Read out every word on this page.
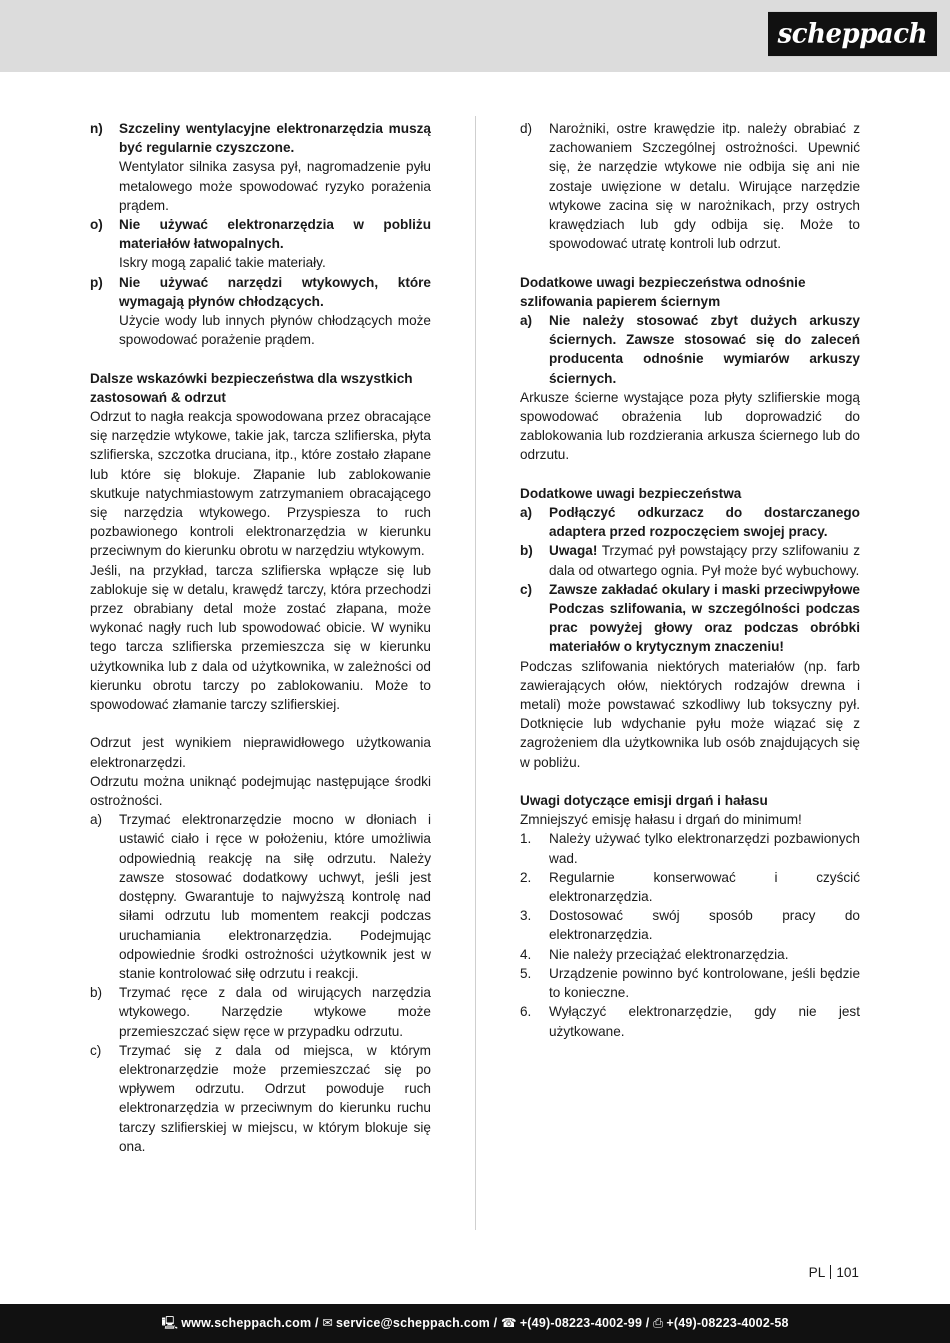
scheppach
n)	Szczeliny wentylacyjne elektronarzędzia muszą być regularnie czyszczone.

Wentylator silnika zasysa pył, nagromadzenie pyłu metalowego może spowodować ryzyko porażenia prądem.

o)	Nie używać elektronarzędzia w pobliżu materiałów łatwopalnych.

Iskry mogą zapalić takie materiały.

p)	Nie używać narzędzi wtykowych, które wymagają płynów chłodzących.

Użycie wody lub innych płynów chłodzących może spowodować porażenie prądem.

Dalsze wskazówki bezpieczeństwa dla wszystkich zastosowań & odrzut

Odrzut to nagła reakcja spowodowana przez obracające się narzędzie wtykowe, takie jak, tarcza szlifierska, płyta szlifierska, szczotka druciana, itp., które zostało złapane lub które się blokuje. Złapanie lub zablokowanie skutkuje natychmiastowym zatrzymaniem obracającego się narzędzia wtykowego. Przyspiesza to ruch pozbawionego kontroli elektronarzędzia w kierunku przeciwnym do kierunku obrotu w narzędziu wtykowym.

Jeśli, na przykład, tarcza szlifierska wpłącze się lub zablokuje się w detalu, krawędź tarczy, która przechodzi przez obrabiany detal może zostać złapana, może wykonać nagły ruch lub spowodować obicie. W wyniku tego tarcza szlifierska przemieszcza się w kierunku użytkownika lub z dala od użytkownika, w zależności od kierunku obrotu tarczy po zablokowaniu. Może to spowodować złamanie tarczy szlifierskiej.

Odrzut jest wynikiem nieprawidłowego użytkowania elektronarzędzi.

Odrzutu można uniknąć podejmując następujące środki ostrożności.

a)	Trzymać elektronarzędzie mocno w dłoniach i ustawić ciało i ręce w położeniu, które umożliwia odpowiednią reakcję na siłę odrzutu. Należy zawsze stosować dodatkowy uchwyt, jeśli jest dostępny. Gwarantuje to najwyższą kontrolę nad siłami odrzutu lub momentem reakcji podczas uruchamiania elektronarzędzia. Podejmując odpowiednie środki ostrożności użytkownik jest w stanie kontrolować siłę odrzutu i reakcji.

b)	Trzymać ręce z dala od wirujących narzędzia wtykowego. Narzędzie wtykowe może przemieszczać sięw ręce w przypadku odrzutu.

c)	Trzymać się z dala od miejsca, w którym elektronarzędzie może przemieszczać się po wpływem odrzutu. Odrzut powoduje ruch elektronarzędzia w przeciwnym do kierunku ruchu tarczy szlifierskiej w miejscu, w którym blokuje się ona.

d)	Narożniki, ostre krawędzie itp. należy obrabiać z zachowaniem Szczególnej ostrożności. Upewnić się, że narzędzie wtykowe nie odbija się ani nie zostaje uwięzione w detalu. Wirujące narzędzie wtykowe zacina się w narożnikach, przy ostrych krawędziach lub gdy odbija się. Może to spowodować utratę kontroli lub odrzut.

Dodatkowe uwagi bezpieczeństwa odnośnie szlifowania papierem ściernym

a)	Nie należy stosować zbyt dużych arkuszy ściernych. Zawsze stosować się do zaleceń producenta odnośnie wymiarów arkuszy ściernych.

Arkusze ścierne wystające poza płyty szlifierskie mogą spowodować obrażenia lub doprowadzić do zablokowania lub rozdzierania arkusza ściernego lub do odrzutu.

Dodatkowe uwagi bezpieczeństwa

a)	Podłączyć odkurzacz do dostarczanego adaptera przed rozpoczęciem swojej pracy.

b)	Uwaga! Trzymać pył powstający przy szlifowaniu z dala od otwartego ognia. Pył może być wybuchowy.

c)	Zawsze zakładać okulary i maski przeciwpyłowe Podczas szlifowania, w szczególności podczas prac powyżej głowy oraz podczas obróbki materiałów o krytycznym znaczeniu!

Podczas szlifowania niektórych materiałów (np. farb zawierających ołów, niektórych rodzajów drewna i metali) może powstawać szkodliwy lub toksyczny pył. Dotknięcie lub wdychanie pyłu może wiązać się z zagrożeniem dla użytkownika lub osób znajdujących się w pobliżu.

Uwagi dotyczące emisji drgań i hałasu

Zmniejszyć emisję hałasu i drgań do minimum!

1.	Należy używać tylko elektronarzędzi pozbawionych wad.

2.	Regularnie konserwować i czyścić elektronarzędzia.

3.	Dostosować swój sposób pracy do elektronarzędzia.

4.	Nie należy przeciążać elektronarzędzia.

5.	Urządzenie powinno być kontrolowane, jeśli będzie to konieczne.

6.	Wyłączyć elektronarzędzie, gdy nie jest użytkowane.

PL 101
🖳 www.scheppach.com / ✉ service@scheppach.com / ☎ +(49)-08223-4002-99 / ⎙ +(49)-08223-4002-58
